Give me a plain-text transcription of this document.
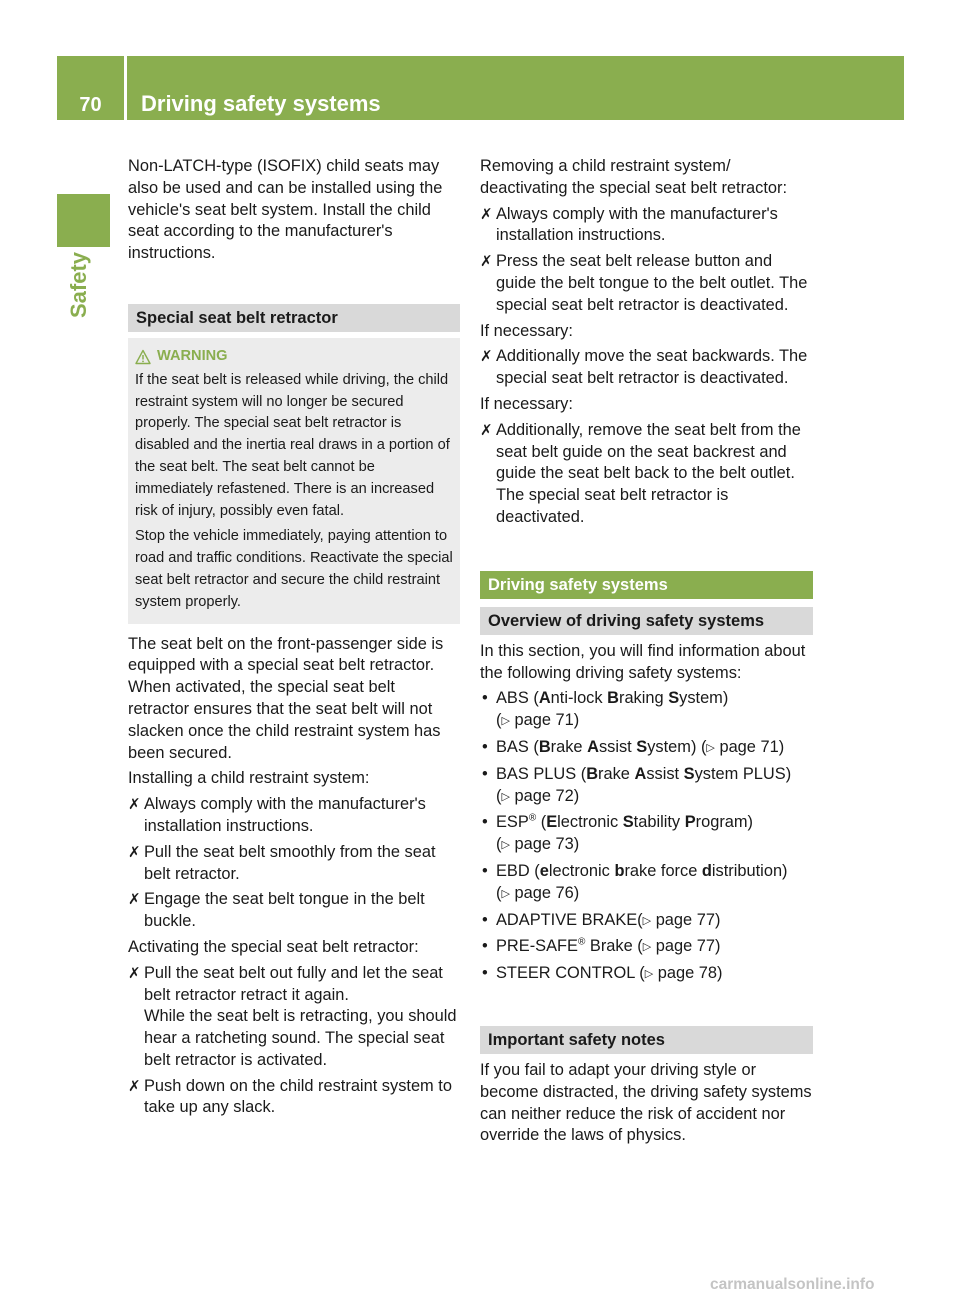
70	Driving safety systems
Safety

Non-LATCH-type (ISOFIX) child seats may also be used and can be installed using the vehicle's seat belt system. Install the child seat according to the manufacturer's instructions.

Special seat belt retractor
WARNING

If the seat belt is released while driving, the child restraint system will no longer be secured properly. The special seat belt retractor is disabled and the inertia real draws in a portion of the seat belt. The seat belt cannot be immediately refastened. There is an increased risk of injury, possibly even fatal.

Stop the vehicle immediately, paying attention to road and traffic conditions. Reactivate the special seat belt retractor and secure the child restraint system properly.

The seat belt on the front-passenger side is equipped with a special seat belt retractor. When activated, the special seat belt retractor ensures that the seat belt will not slacken once the child restraint system has been secured.

Installing a child restraint system:

✗ Always comply with the manufacturer's installation instructions.
✗ Pull the seat belt smoothly from the seat belt retractor.
✗ Engage the seat belt tongue in the belt buckle.

Activating the special seat belt retractor:

✗ Pull the seat belt out fully and let the seat belt retractor retract it again.
While the seat belt is retracting, you should hear a ratcheting sound. The special seat belt retractor is activated.
✗ Push down on the child restraint system to take up any slack.

Removing a child restraint system/ deactivating the special seat belt retractor:

✗ Always comply with the manufacturer's installation instructions.
✗ Press the seat belt release button and guide the belt tongue to the belt outlet. The special seat belt retractor is deactivated.

If necessary:

✗ Additionally move the seat backwards. The special seat belt retractor is deactivated.

If necessary:

✗ Additionally, remove the seat belt from the seat belt guide on the seat backrest and guide the seat belt back to the belt outlet. The special seat belt retractor is deactivated.
Driving safety systems
Overview of driving safety systems

In this section, you will find information about the following driving safety systems:

• ABS (Anti-lock Braking System)
(▷ page 71)
• BAS (Brake Assist System) (▷ page 71)
• BAS PLUS (Brake Assist System PLUS)
(▷ page 72)
• ESP® (Electronic Stability Program)
(▷ page 73)
• EBD (electronic brake force distribution)
(▷ page 76)
• ADAPTIVE BRAKE(▷ page 77)
• PRE-SAFE® Brake (▷ page 77)
• STEER CONTROL (▷ page 78)
Important safety notes

If you fail to adapt your driving style or become distracted, the driving safety systems can neither reduce the risk of accident nor override the laws of physics.

carmanualsonline.info
